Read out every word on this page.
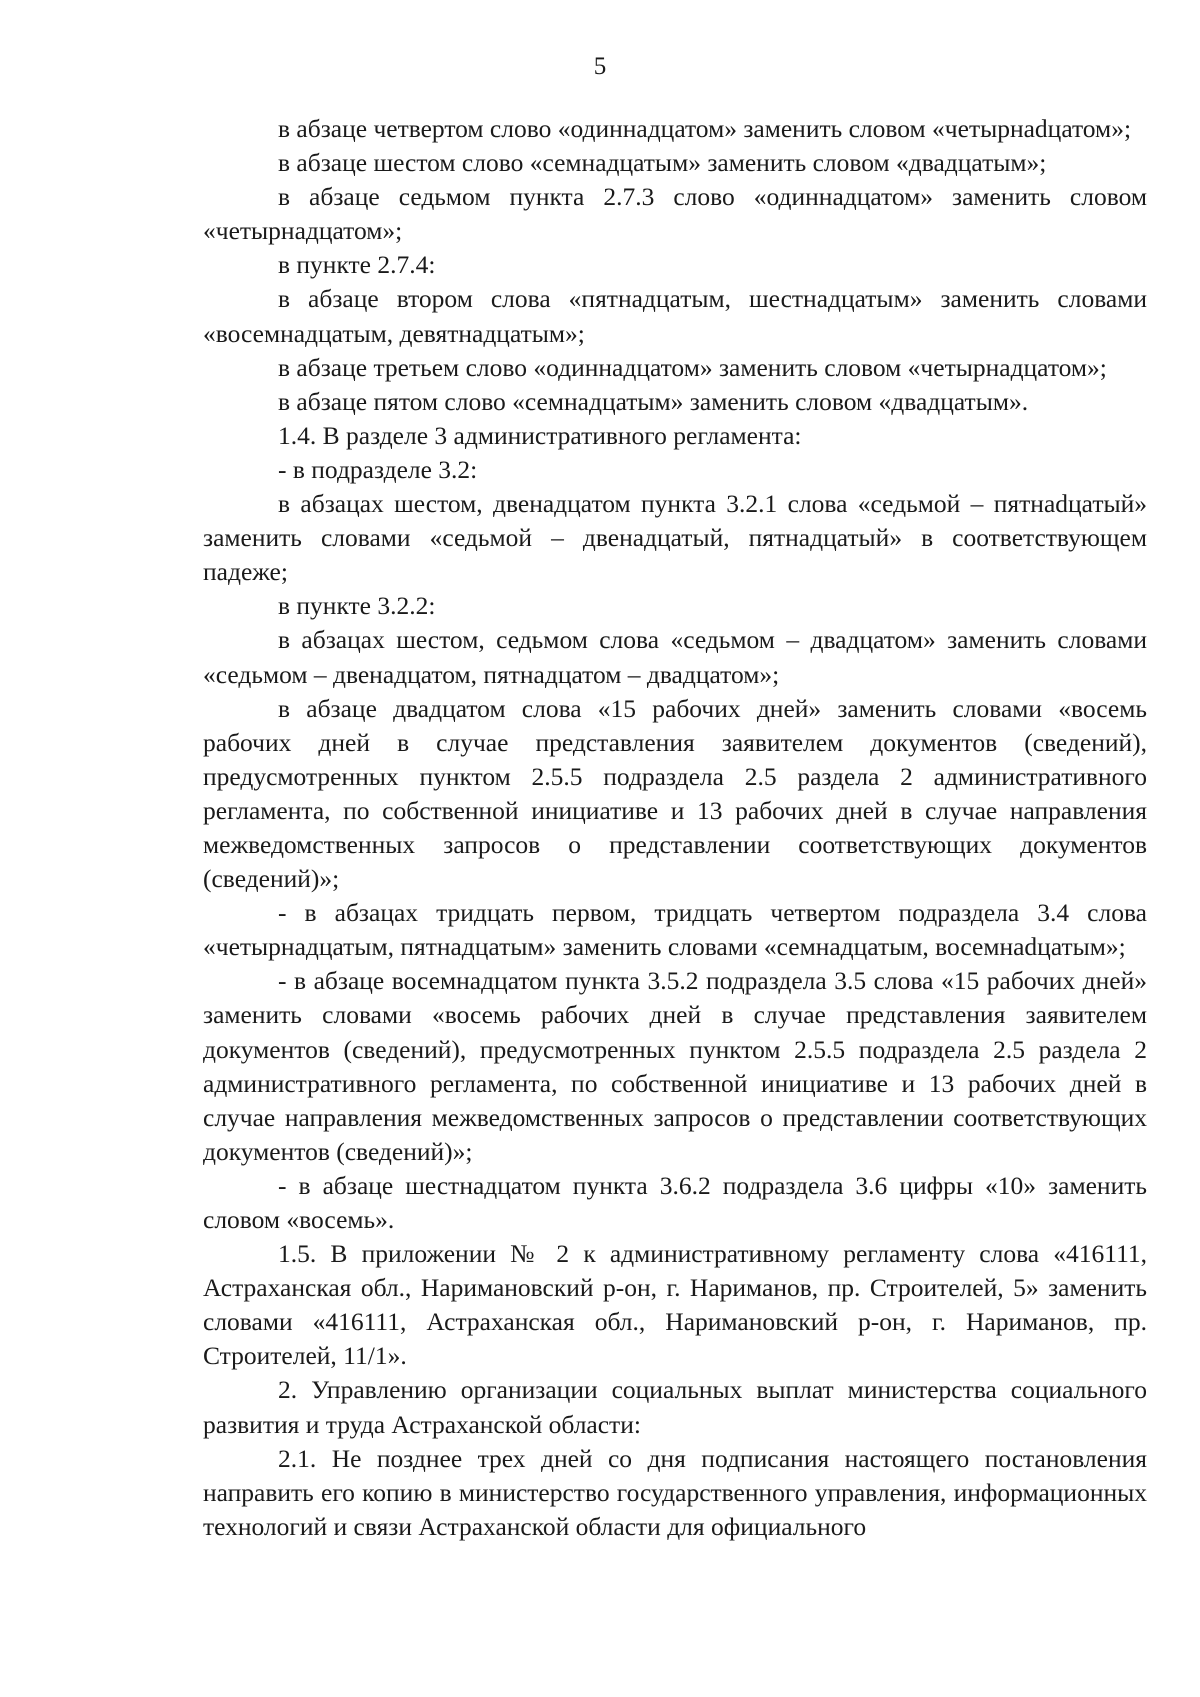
5

в абзаце четвертом слово «одиннадцатом» заменить словом «четырнаdцатом»;

в абзаце шестом слово «семнадцатым» заменить словом «двадцатым»;

в абзаце седьмом пункта 2.7.3 слово «одиннадцатом» заменить словом «четырнадцатом»;

в пункте 2.7.4:

в абзаце втором слова «пятнадцатым, шестнадцатым» заменить словами «восемнадцатым, девятнадцатым»;

в абзаце третьем слово «одиннадцатом» заменить словом «четырнадцатом»;

в абзаце пятом слово «семнадцатым» заменить словом «двадцатым».

1.4. В разделе 3 административного регламента:

- в подразделе 3.2:

в абзацах шестом, двенадцатом пункта 3.2.1 слова «седьмой – пятнаdцатый» заменить словами «седьмой – двенадцатый, пятнадцатый» в соответствующем падеже;

в пункте 3.2.2:

в абзацах шестом, седьмом слова «седьмом – двадцатом» заменить словами «седьмом – двенадцатом, пятнадцатом – двадцатом»;

в абзаце двадцатом слова «15 рабочих дней» заменить словами «восемь рабочих дней в случае представления заявителем документов (сведений), предусмотренных пунктом 2.5.5 подраздела 2.5 раздела 2 административного регламента, по собственной инициативе и 13 рабочих дней в случае направления межведомственных запросов о представлении соответствующих документов (сведений)»;

- в абзацах тридцать первом, тридцать четвертом подраздела 3.4 слова «четырнадцатым, пятнадцатым» заменить словами «семнадцатым, восемнаdцатым»;

- в абзаце восемнадцатом пункта 3.5.2 подраздела 3.5 слова «15 рабочих дней» заменить словами «восемь рабочих дней в случае представления заявителем документов (сведений), предусмотренных пунктом 2.5.5 подраздела 2.5 раздела 2 административного регламента, по собственной инициативе и 13 рабочих дней в случае направления межведомственных запросов о представлении соответствующих документов (сведений)»;

- в абзаце шестнадцатом пункта 3.6.2 подраздела 3.6 цифры «10» заменить словом «восемь».

1.5. В приложении № 2 к административному регламенту слова «416111, Астраханская обл., Наримановский р-он, г. Нариманов, пр. Строителей, 5» заменить словами «416111, Астраханская обл., Наримановский р-он, г. Нариманов, пр. Строителей, 11/1».

2. Управлению организации социальных выплат министерства социального развития и труда Астраханской области:

2.1. Не позднее трех дней со дня подписания настоящего постановления направить его копию в министерство государственного управления, информационных технологий и связи Астраханской области для официального
